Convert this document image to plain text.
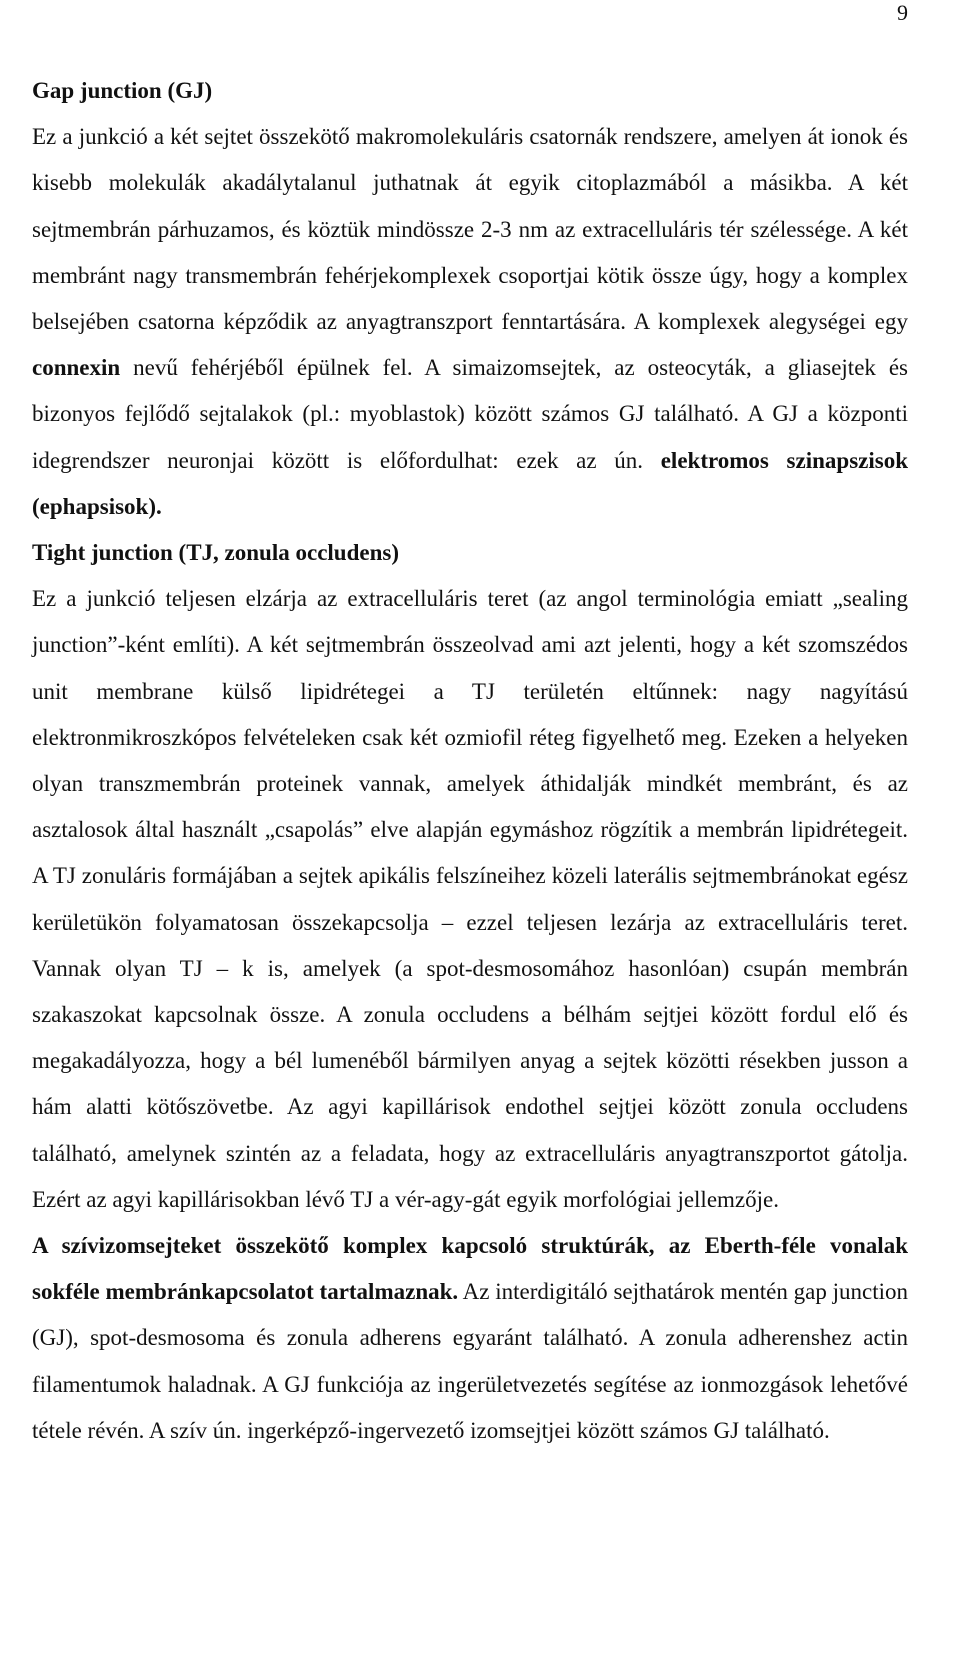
9

Gap junction (GJ)

Ez a junkció a két sejtet összekötő makromolekuláris csatornák rendszere, amelyen át ionok és kisebb molekulák akadálytalanul juthatnak át egyik citoplazmából a másikba. A két sejtmembrán párhuzamos, és köztük mindössze 2-3 nm az extracelluláris tér szélessége. A két membránt nagy transmembrán fehérjekomplexek csoportjai kötik össze úgy, hogy a komplex belsejében csatorna képződik az anyagtranszport fenntartására. A komplexek alegységei egy connexin nevű fehérjéből épülnek fel. A simaizomsejtek, az osteocyták, a gliasejtek és bizonyos fejlődő sejtalakok (pl.: myoblastok) között számos GJ található. A GJ a központi idegrendszer neuronjai között is előfordulhat: ezek az ún. elektromos szinapszisok (ephapsisok).

Tight junction (TJ, zonula occludens)

Ez a junkció teljesen elzárja az extracelluláris teret (az angol terminológia emiatt „sealing junction”-ként említi). A két sejtmembrán összeolvad ami azt jelenti, hogy a két szomszédos unit membrane külső lipidrétegei a TJ területén eltűnnek: nagy nagyítású elektronmikroszkópos felvételeken csak két ozmiofil réteg figyelhető meg. Ezeken a helyeken olyan transzmembrán proteinek vannak, amelyek áthidalják mindkét membránt, és az asztalosok által használt „csapolás” elve alapján egymáshoz rögzítik a membrán lipidrétegeit. A TJ zonuláris formájában a sejtek apikális felszíneihez közeli laterális sejtmembránokat egész kerületükön folyamatosan összekapcsolja – ezzel teljesen lezárja az extracelluláris teret. Vannak olyan TJ – k is, amelyek (a spot-desmosomához hasonlóan) csupán membrán szakaszokat kapcsolnak össze. A zonula occludens a bélhám sejtjei között fordul elő és megakadályozza, hogy a bél lumenéből bármilyen anyag a sejtek közötti résekben jusson a hám alatti kötőszövetbe. Az agyi kapillárisok endothel sejtjei között zonula occludens található, amelynek szintén az a feladata, hogy az extracelluláris anyagtranszportot gátolja. Ezért az agyi kapillárisokban lévő TJ a vér-agy-gát egyik morfológiai jellemzője.

A szívizomsejteket összekötő komplex kapcsoló struktúrák, az Eberth-féle vonalak sokféle membránkapcsolatot tartalmaznak. Az interdigitáló sejthatárok mentén gap junction (GJ), spot-desmosoma és zonula adherens egyaránt található. A zonula adherenshez actin filamentumok haladnak. A GJ funkciója az ingerületvezetés segítése az ionmozgások lehetővé tétele révén. A szív ún. ingerképző-ingervezető izomsejtjei között számos GJ található.
